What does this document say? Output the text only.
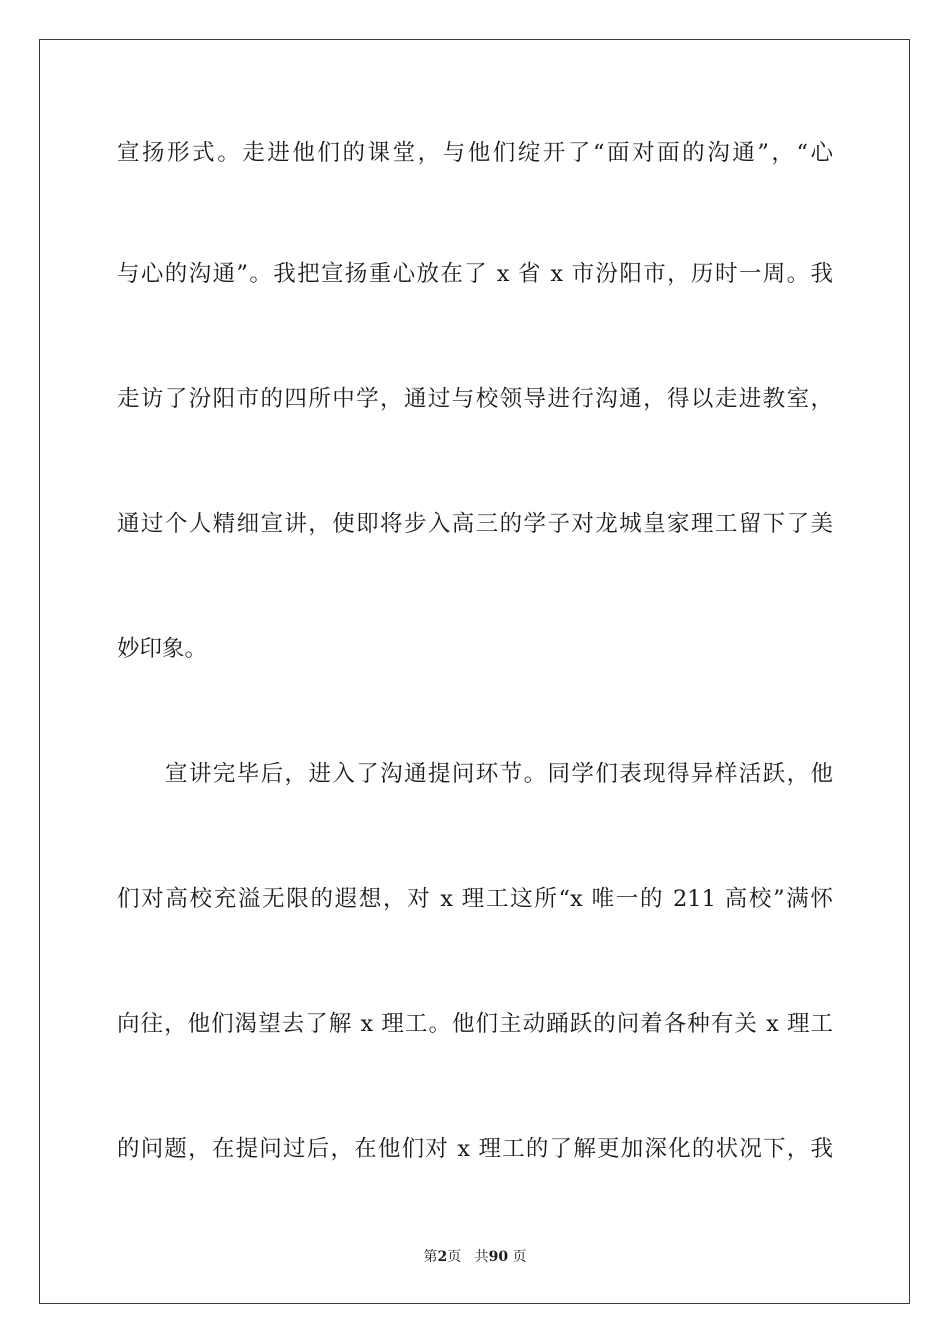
宣扬形式。走进他们的课堂，与他们绽开了“面对面的沟通”，“心
与心的沟通”。我把宣扬重心放在了 x 省 x 市汾阳市，历时一周。我
走访了汾阳市的四所中学，通过与校领导进行沟通，得以走进教室，
通过个人精细宣讲，使即将步入高三的学子对龙城皇家理工留下了美
妙印象。
宣讲完毕后，进入了沟通提问环节。同学们表现得异样活跃，他
们对高校充溢无限的遐想，对 x 理工这所“x 唯一的 211 高校”满怀
向往，他们渴望去了解 x 理工。他们主动踊跃的问着各种有关 x 理工
的问题，在提问过后，在他们对 x 理工的了解更加深化的状况下，我
第2页 共90 页
